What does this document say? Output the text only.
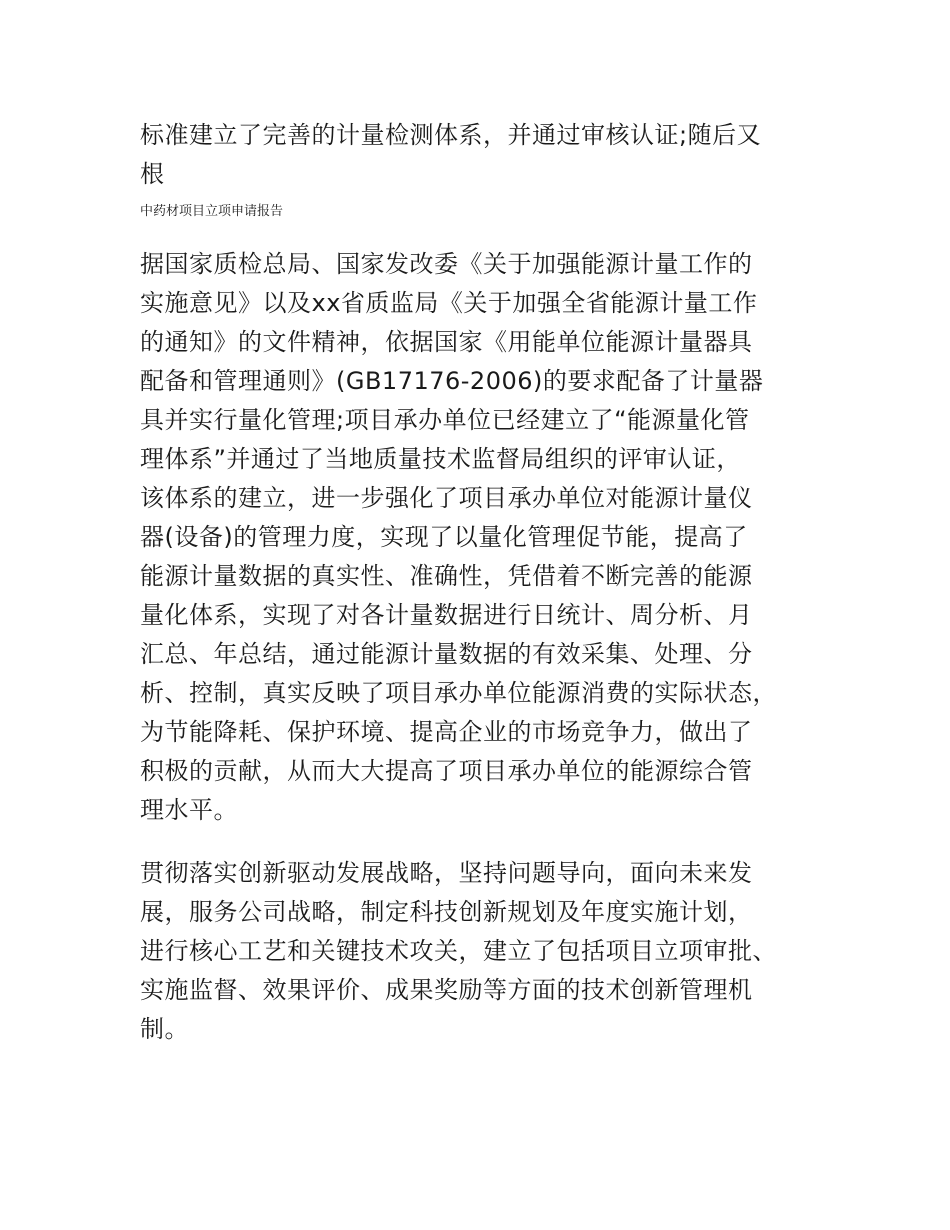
标准建立了完善的计量检测体系，并通过审核认证;随后又
根
中药材项目立项申请报告
据国家质检总局、国家发改委《关于加强能源计量工作的
实施意见》以及xx省质监局《关于加强全省能源计量工作
的通知》的文件精神，依据国家《用能单位能源计量器具
配备和管理通则》(GB17176-2006)的要求配备了计量器
具并实行量化管理;项目承办单位已经建立了“能源量化管
理体系”并通过了当地质量技术监督局组织的评审认证，
该体系的建立，进一步强化了项目承办单位对能源计量仪
器(设备)的管理力度，实现了以量化管理促节能，提高了
能源计量数据的真实性、准确性，凭借着不断完善的能源
量化体系，实现了对各计量数据进行日统计、周分析、月
汇总、年总结，通过能源计量数据的有效采集、处理、分
析、控制，真实反映了项目承办单位能源消费的实际状态，
为节能降耗、保护环境、提高企业的市场竞争力，做出了
积极的贡献，从而大大提高了项目承办单位的能源综合管
理水平。
贯彻落实创新驱动发展战略，坚持问题导向，面向未来发
展，服务公司战略，制定科技创新规划及年度实施计划，
进行核心工艺和关键技术攻关，建立了包括项目立项审批、
实施监督、效果评价、成果奖励等方面的技术创新管理机
制。
